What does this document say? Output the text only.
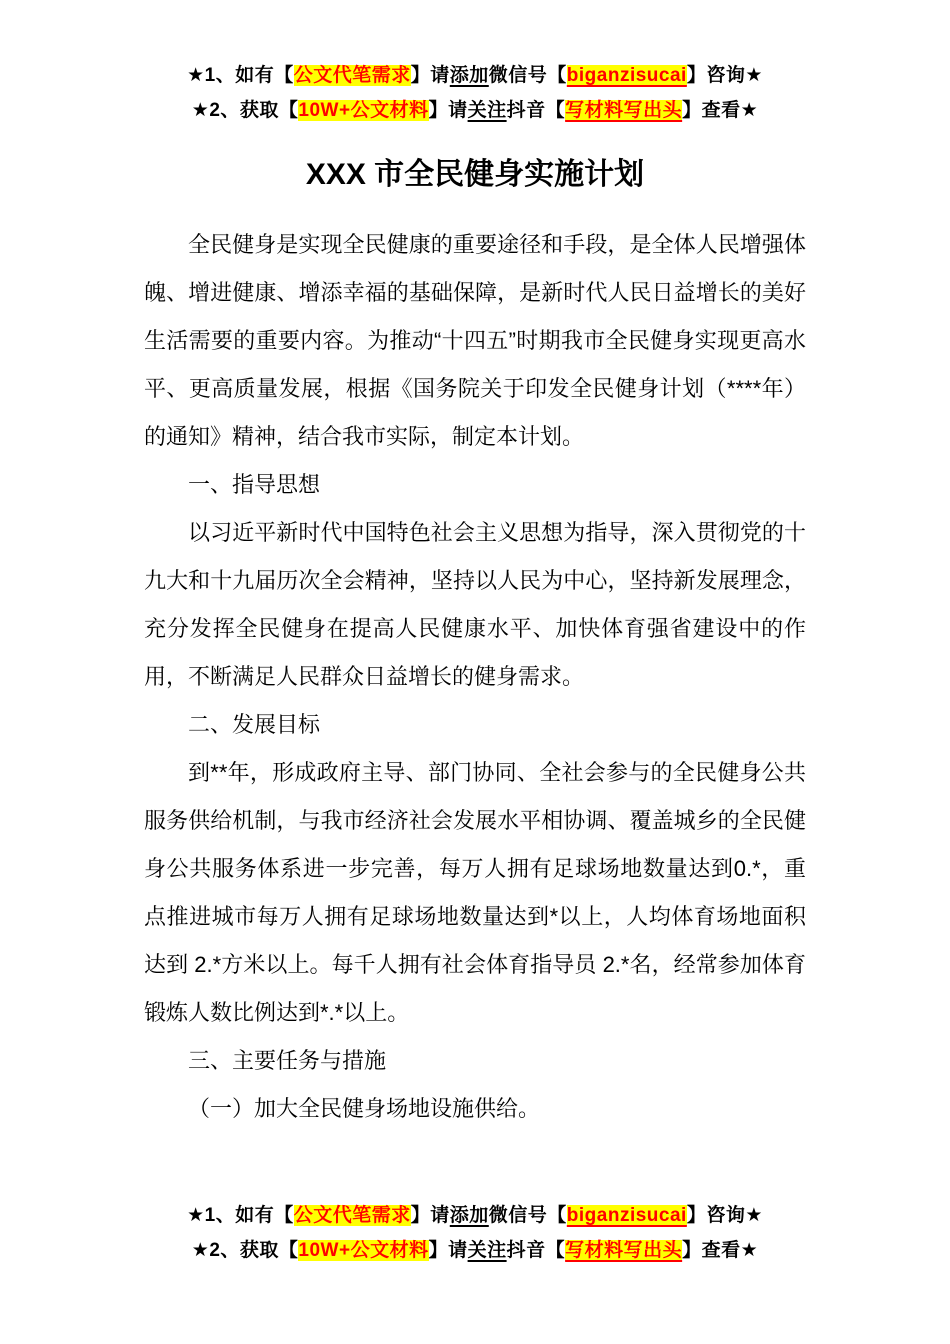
★1、如有【公文代笔需求】请添加微信号【biganzisucai】咨询★
★2、获取【10W+公文材料】请关注抖音【写材料写出头】查看★
XXX 市全民健身实施计划

全民健身是实现全民健康的重要途径和手段，是全体人民增强体魄、增进健康、增添幸福的基础保障，是新时代人民日益增长的美好生活需要的重要内容。为推动“十四五”时期我市全民健身实现更高水平、更高质量发展，根据《国务院关于印发全民健身计划（****年）的通知》精神，结合我市实际，制定本计划。

一、指导思想

以习近平新时代中国特色社会主义思想为指导，深入贯彻党的十九大和十九届历次全会精神，坚持以人民为中心，坚持新发展理念，充分发挥全民健身在提高人民健康水平、加快体育强省建设中的作用，不断满足人民群众日益增长的健身需求。

二、发展目标

到**年，形成政府主导、部门协同、全社会参与的全民健身公共服务供给机制，与我市经济社会发展水平相协调、覆盖城乡的全民健身公共服务体系进一步完善，每万人拥有足球场地数量达到0.*，重点推进城市每万人拥有足球场地数量达到*以上，人均体育场地面积达到 2.*方米以上。每千人拥有社会体育指导员 2.*名，经常参加体育锻炼人数比例达到*.*以上。

三、主要任务与措施

（一）加大全民健身场地设施供给。

★1、如有【公文代笔需求】请添加微信号【biganzisucai】咨询★
★2、获取【10W+公文材料】请关注抖音【写材料写出头】查看★
